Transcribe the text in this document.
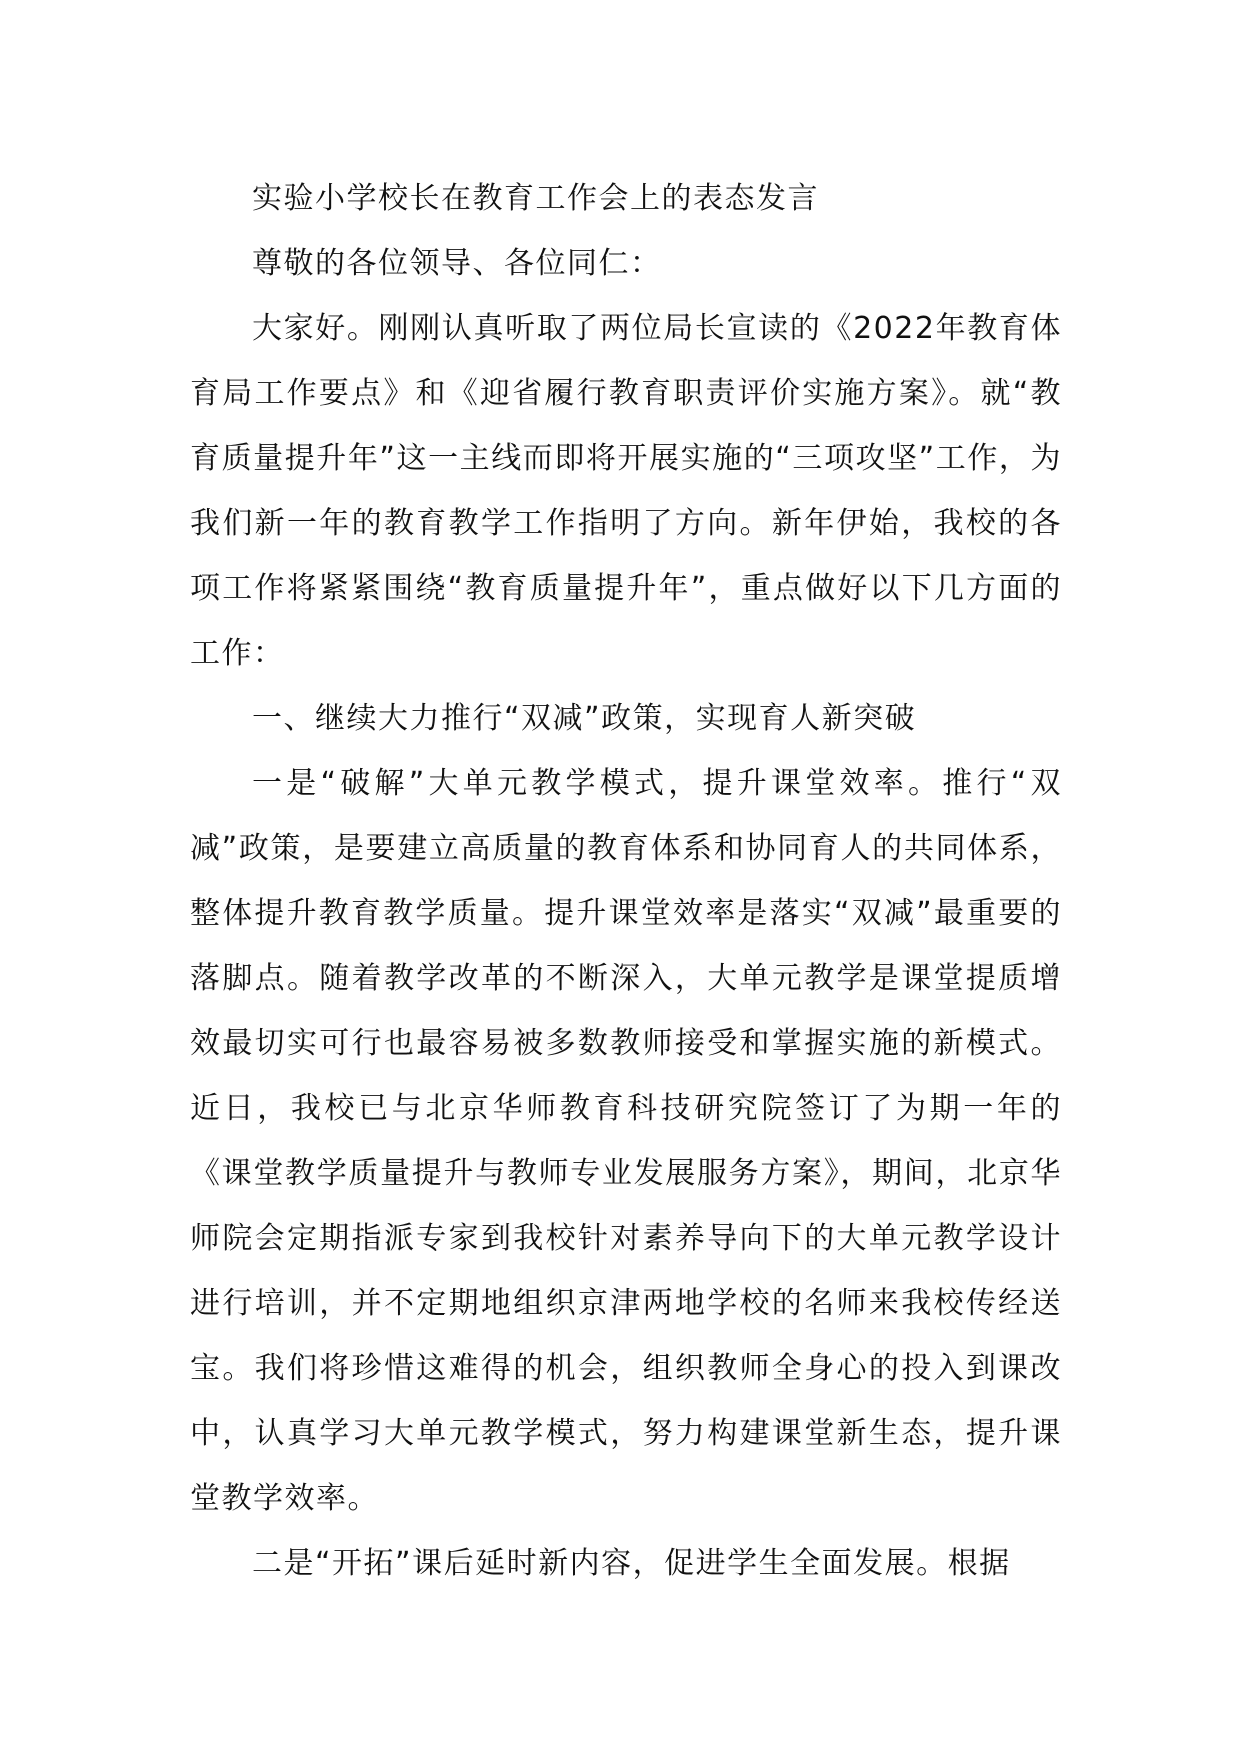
实验小学校长在教育工作会上的表态发言

尊敬的各位领导、各位同仁：

大家好。刚刚认真听取了两位局长宣读的《2022年教育体育局工作要点》和《迎省履行教育职责评价实施方案》。就“教育质量提升年”这一主线而即将开展实施的“三项攻坚”工作，为我们新一年的教育教学工作指明了方向。新年伊始，我校的各项工作将紧紧围绕“教育质量提升年”，重点做好以下几方面的工作：

一、继续大力推行“双减”政策，实现育人新突破

一是“破解”大单元教学模式，提升课堂效率。推行“双减”政策，是要建立高质量的教育体系和协同育人的共同体系，整体提升教育教学质量。提升课堂效率是落实“双减”最重要的落脚点。随着教学改革的不断深入，大单元教学是课堂提质增效最切实可行也最容易被多数教师接受和掌握实施的新模式。近日，我校已与北京华师教育科技研究院签订了为期一年的《课堂教学质量提升与教师专业发展服务方案》，期间，北京华师院会定期指派专家到我校针对素养导向下的大单元教学设计进行培训，并不定期地组织京津两地学校的名师来我校传经送宝。我们将珍惜这难得的机会，组织教师全身心的投入到课改中，认真学习大单元教学模式，努力构建课堂新生态，提升课堂教学效率。

二是“开拓”课后延时新内容，促进学生全面发展。根据
